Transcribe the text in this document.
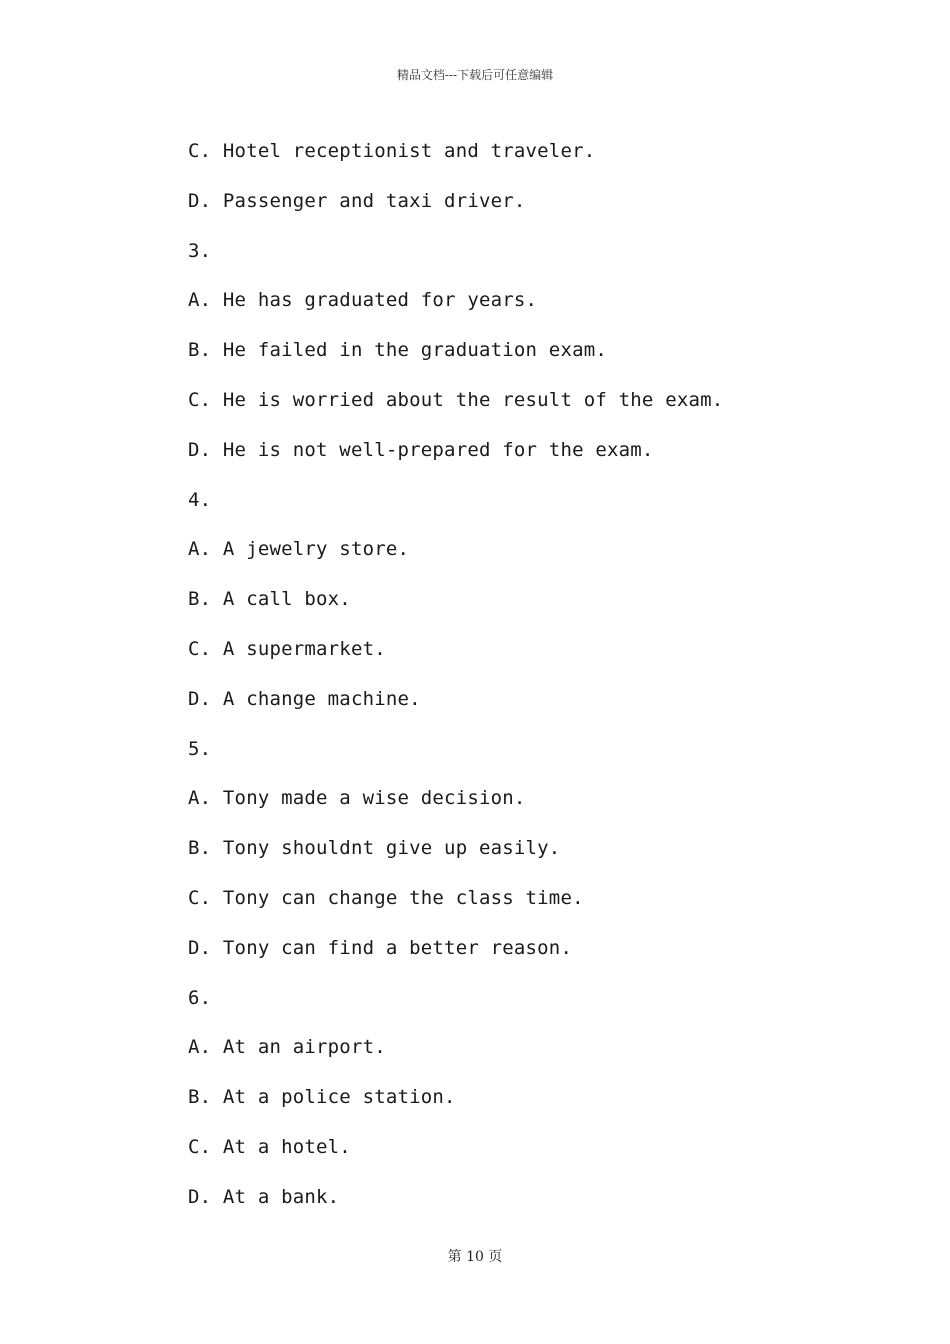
精品文档---下载后可任意编辑
C. Hotel receptionist and traveler.
D. Passenger and taxi driver.
3.
A. He has graduated for years.
B. He failed in the graduation exam.
C. He is worried about the result of the exam.
D. He is not well-prepared for the exam.
4.
A. A jewelry store.
B. A call box.
C. A supermarket.
D. A change machine.
5.
A. Tony made a wise decision.
B. Tony shouldnt give up easily.
C. Tony can change the class time.
D. Tony can find a better reason.
6.
A. At an airport.
B. At a police station.
C. At a hotel.
D. At a bank.
第 10 页
